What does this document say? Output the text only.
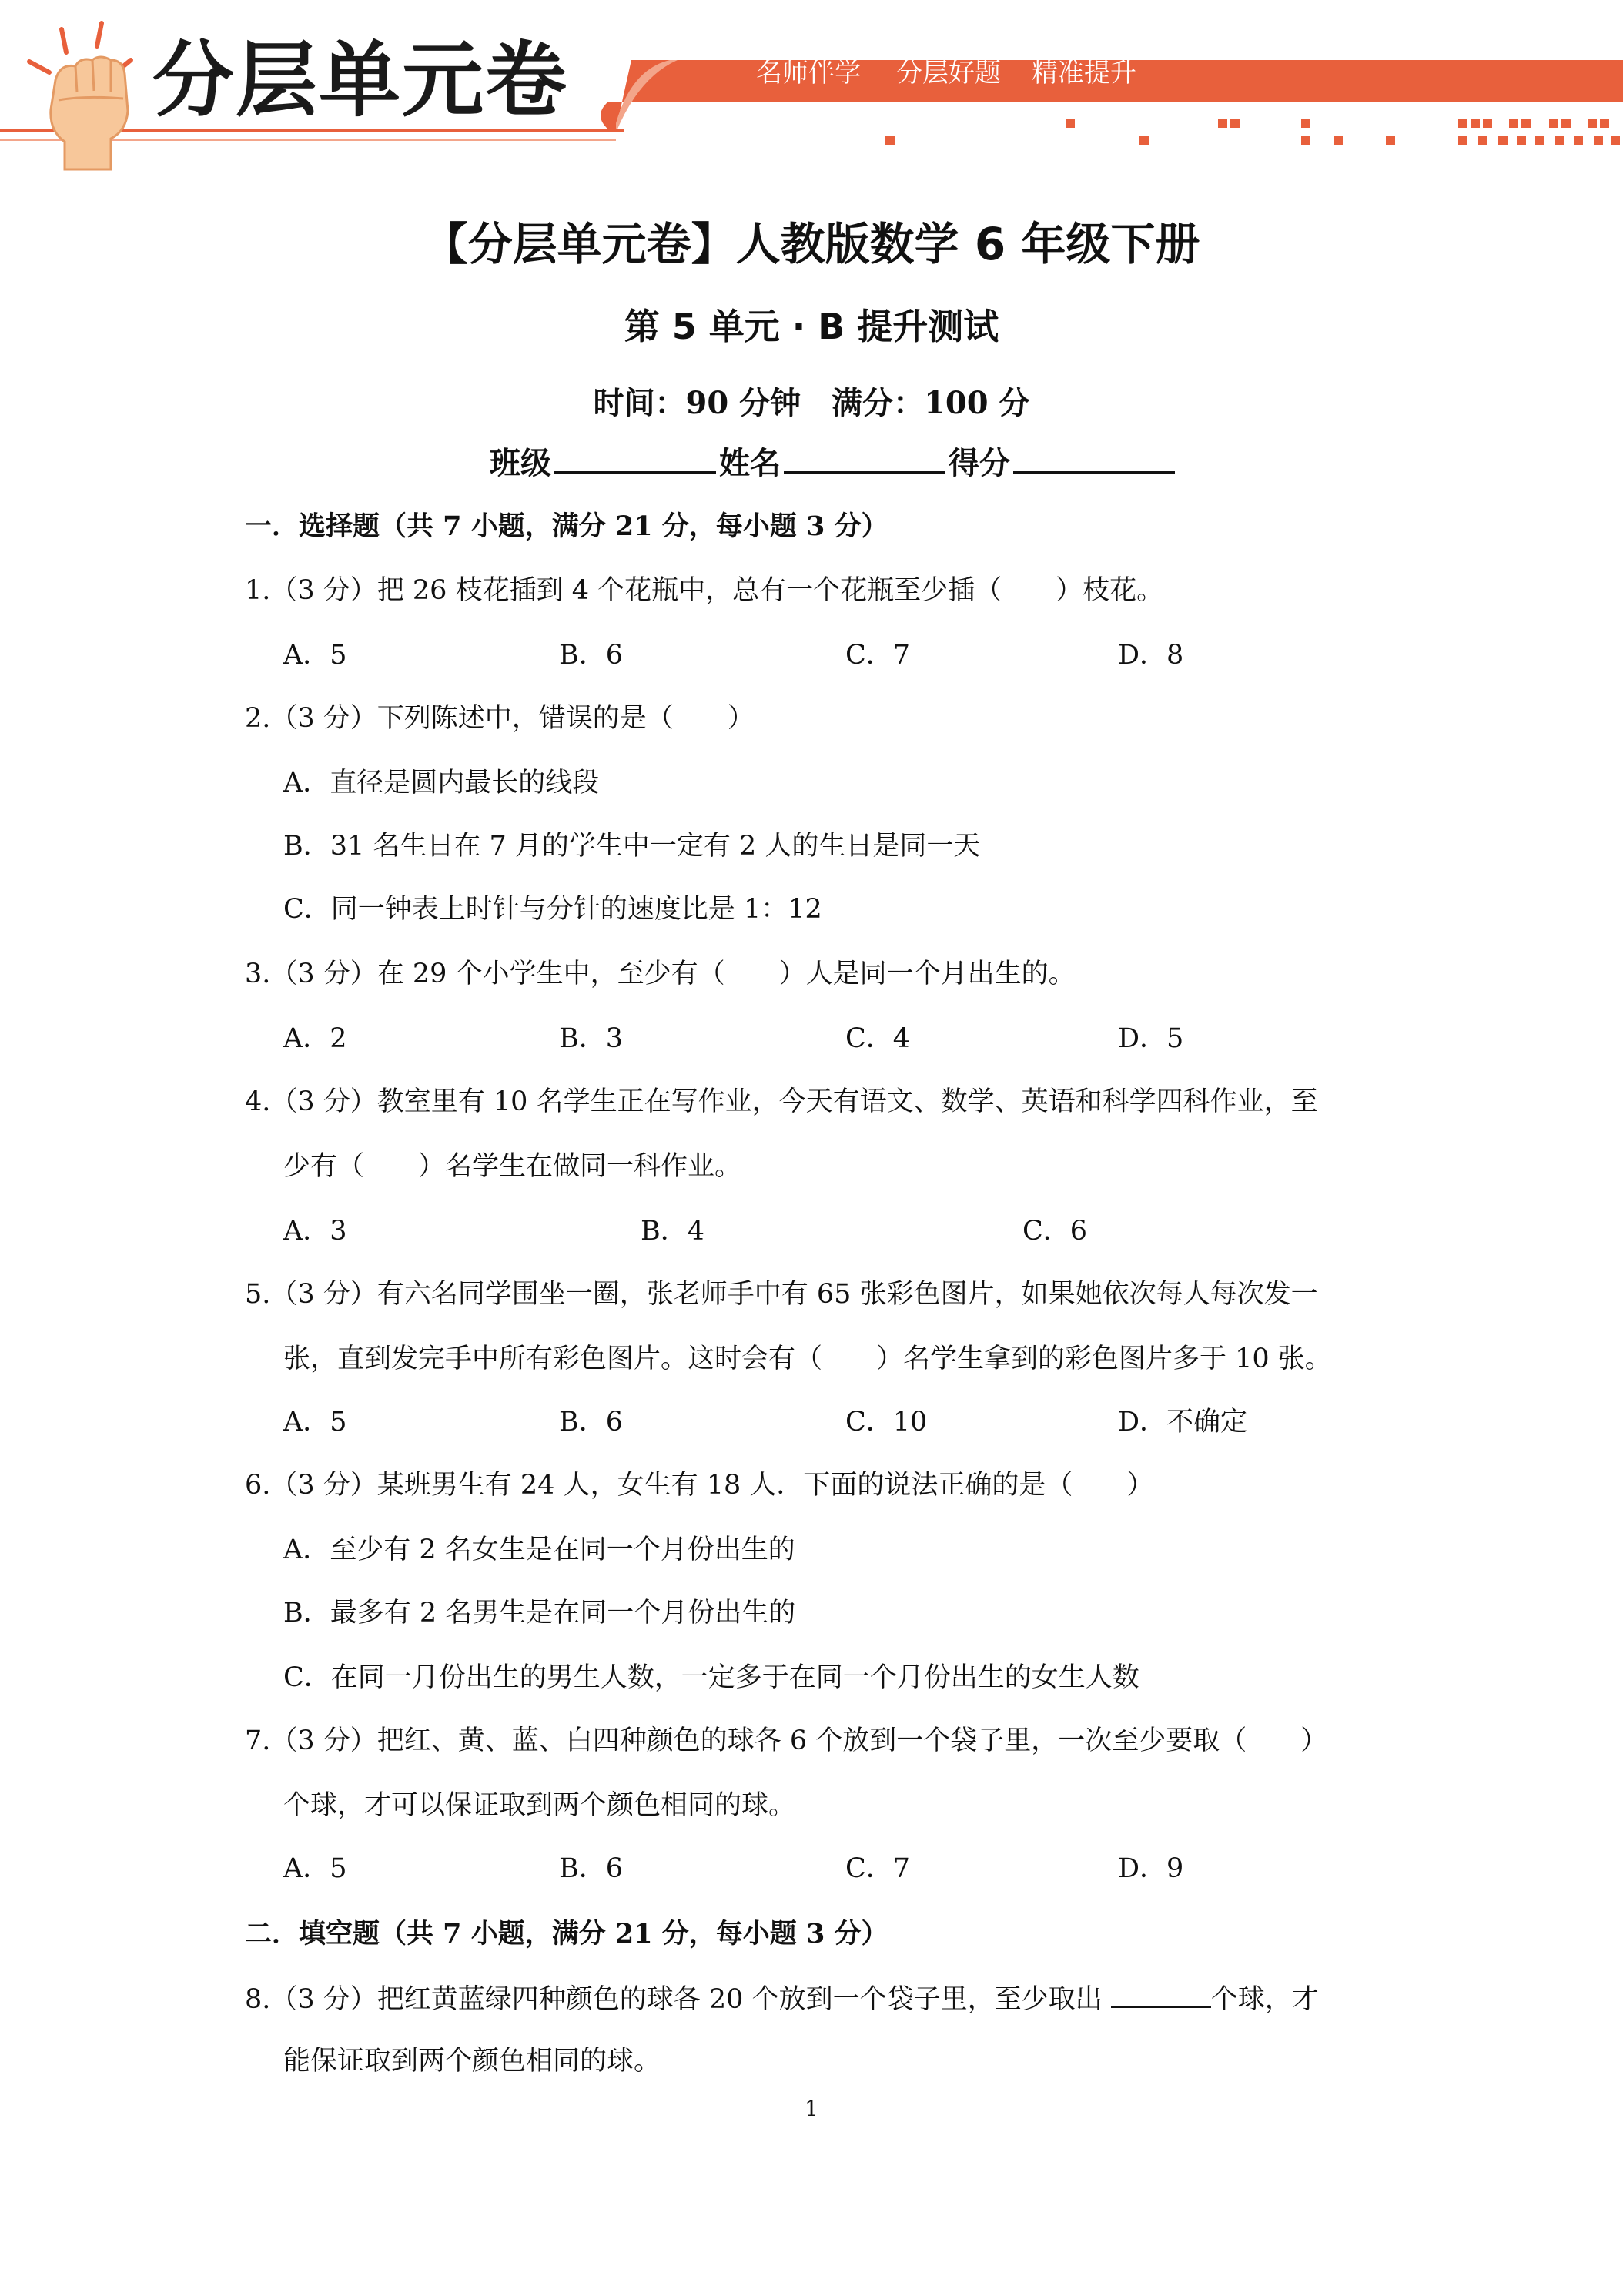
分层单元卷	名师伴学 分层好题 精准提升
【分层单元卷】人教版数学 6 年级下册
第 5 单元 · B 提升测试
时间：90 分钟　满分：100 分
班级	姓名	得分
一．选择题（共 7 小题，满分 21 分，每小题 3 分）
1.（3 分）把 26 枝花插到 4 个花瓶中，总有一个花瓶至少插（　　）枝花。
A．5	B．6	C．7	D．8
2.（3 分）下列陈述中，错误的是（　　）
A．直径是圆内最长的线段
B．31 名生日在 7 月的学生中一定有 2 人的生日是同一天
C．同一钟表上时针与分针的速度比是 1：12
3.（3 分）在 29 个小学生中，至少有（　　）人是同一个月出生的。
A．2	B．3	C．4	D．5
4.（3 分）教室里有 10 名学生正在写作业，今天有语文、数学、英语和科学四科作业，至
少有（　　）名学生在做同一科作业。
A．3	B．4	C．6
5.（3 分）有六名同学围坐一圈，张老师手中有 65 张彩色图片，如果她依次每人每次发一
张，直到发完手中所有彩色图片。这时会有（　　）名学生拿到的彩色图片多于 10 张。
A．5	B．6	C．10	D．不确定
6.（3 分）某班男生有 24 人，女生有 18 人．下面的说法正确的是（　　）
A．至少有 2 名女生是在同一个月份出生的
B．最多有 2 名男生是在同一个月份出生的
C．在同一月份出生的男生人数，一定多于在同一个月份出生的女生人数
7.（3 分）把红、黄、蓝、白四种颜色的球各 6 个放到一个袋子里，一次至少要取（　　）
个球，才可以保证取到两个颜色相同的球。
A．5	B．6	C．7	D．9
二．填空题（共 7 小题，满分 21 分，每小题 3 分）
8.（3 分）把红黄蓝绿四种颜色的球各 20 个放到一个袋子里，至少取出	个球，才
能保证取到两个颜色相同的球。
1
